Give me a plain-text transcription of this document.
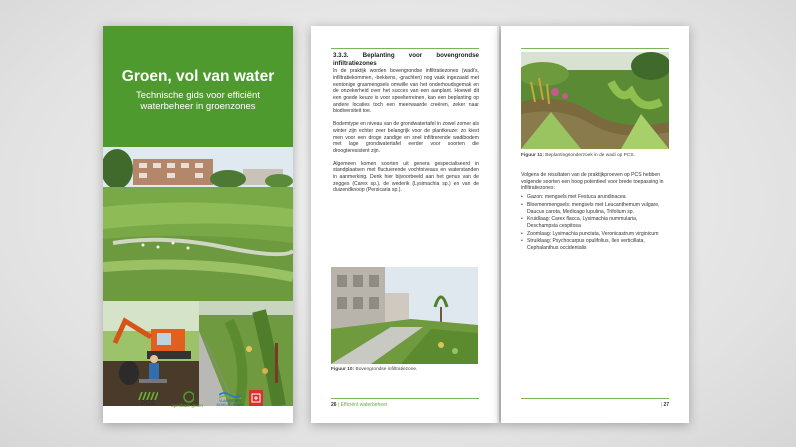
Groen, vol van water
Technische gids voor efficiënt waterbeheer in groenzones
PCS	openbaar groen
VLAANDEREN
SCHEUR - RIVIER
3.3.3. Beplanting voor bovengrondse infiltratiezones

In de praktijk worden bovengrondse infiltratiezones (wadi's, infiltratiekommen, -bekkens, -grachten) nog vaak ingezaaid met eentonige grasmengsels omwille van het onderhoudsgemak en de onzekerheid over het succes van een aanplant. Hoewel dit een goede keuze is voor speelterreinen, kan een beplanting op andere locaties toch een meerwaarde creëren, zeker naar biodiversiteit toe.

Bodemtype en niveau van de grondwatertafel in zowel zomer als winter zijn echter zeer belangrijk voor de plantkeuze: zo kiest men voor een droge zandige en snel infiltrerende wadibodem met lage grondwatertafel eerder voor soorten die droogteresistent zijn.

Algemeen komen soorten uit genera gespecialiseerd in standplaatsen met fluctuerende vochtniveaus en waterstanden in aanmerking. Denk hier bijvoorbeeld aan het genus van de zegges (Carex sp.), de wederik (Lysimachia sp.) en van de duizendknoop (Persicaria sp.).

Figuur 10: Bovengrondse infiltratiezone.
26 | Efficiënt waterbeheer
Figuur 11: Beplantingsonderzoek in de wadi op PCS.
Volgens de resultaten van de praktijkproeven op PCS hebben volgende soorten een hoog potentieel voor brede toepassing in infiltratiezones:
• Gazon: mengsels met Festuca arundinacea
• Bloemenmengsels: mengsels met Leucanthemum vulgare, Daucus carota, Medicago lupulina, Trifolium sp.
• Kruidlaag: Carex flacca, Lysimachia nummularia, Deschampsia cespitosa
• Zoomlaag: Lysimachia punctata, Veronicastrum virginicum
• Struiklaag: Psychocarpus opulifolius, Ilex verticillata, Cephalanthus occidentalis
| 27
